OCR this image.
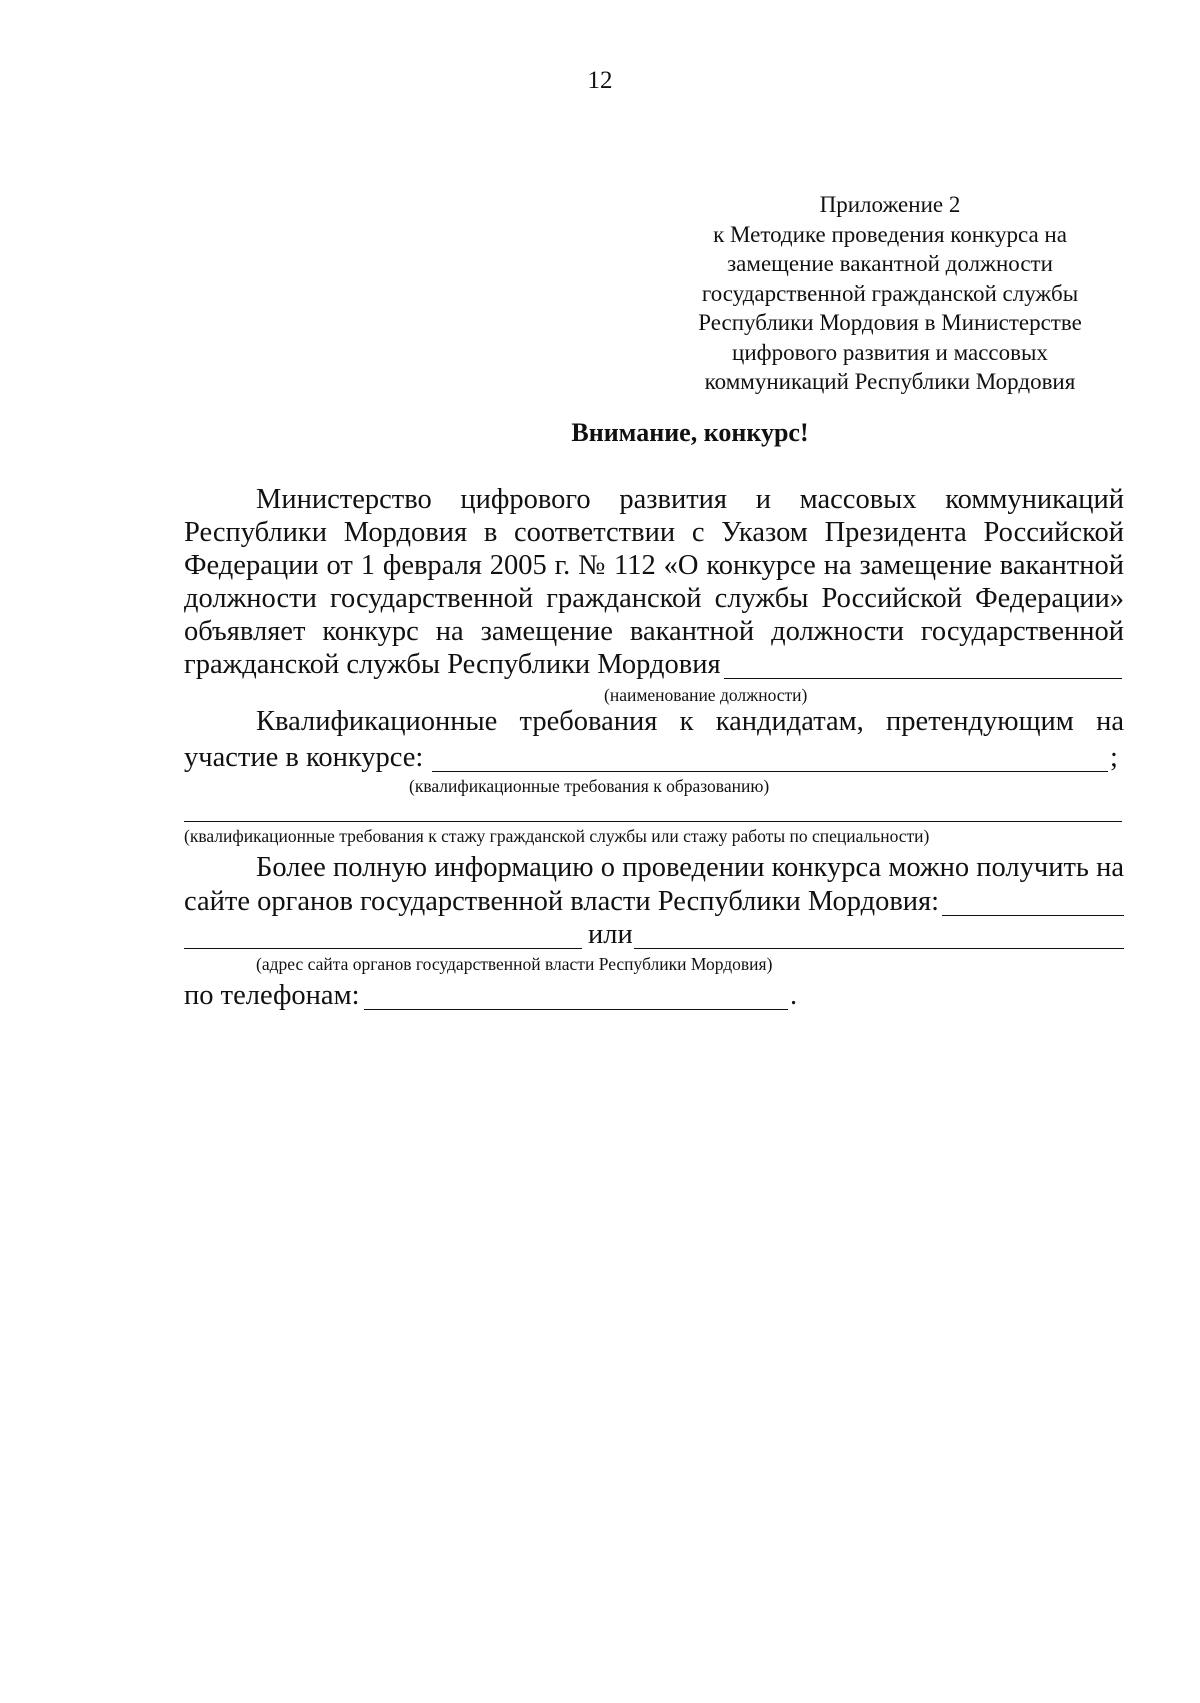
12
Приложение 2
к Методике проведения конкурса на
замещение вакантной должности
государственной гражданской службы
Республики Мордовия в Министерстве
цифрового развития и массовых
коммуникаций Республики Мордовия
Внимание, конкурс!
Министерство цифрового развития и массовых коммуникаций
Республики Мордовия в соответствии с Указом Президента Российской
Федерации от 1 февраля 2005 г. № 112 «О конкурсе на замещение вакантной
должности государственной гражданской службы Российской Федерации»
объявляет конкурс на замещение вакантной должности государственной
гражданской службы Республики Мордовия
(наименование должности)
Квалификационные требования к кандидатам, претендующим на
участие в конкурсе:	;
(квалификационные требования к образованию)
(квалификационные требования к стажу гражданской службы или стажу работы по специальности)
Более полную информацию о проведении конкурса можно получить на
сайте органов государственной власти Республики Мордовия:
или
(адрес сайта органов государственной власти Республики Мордовия)
по телефонам:	.
